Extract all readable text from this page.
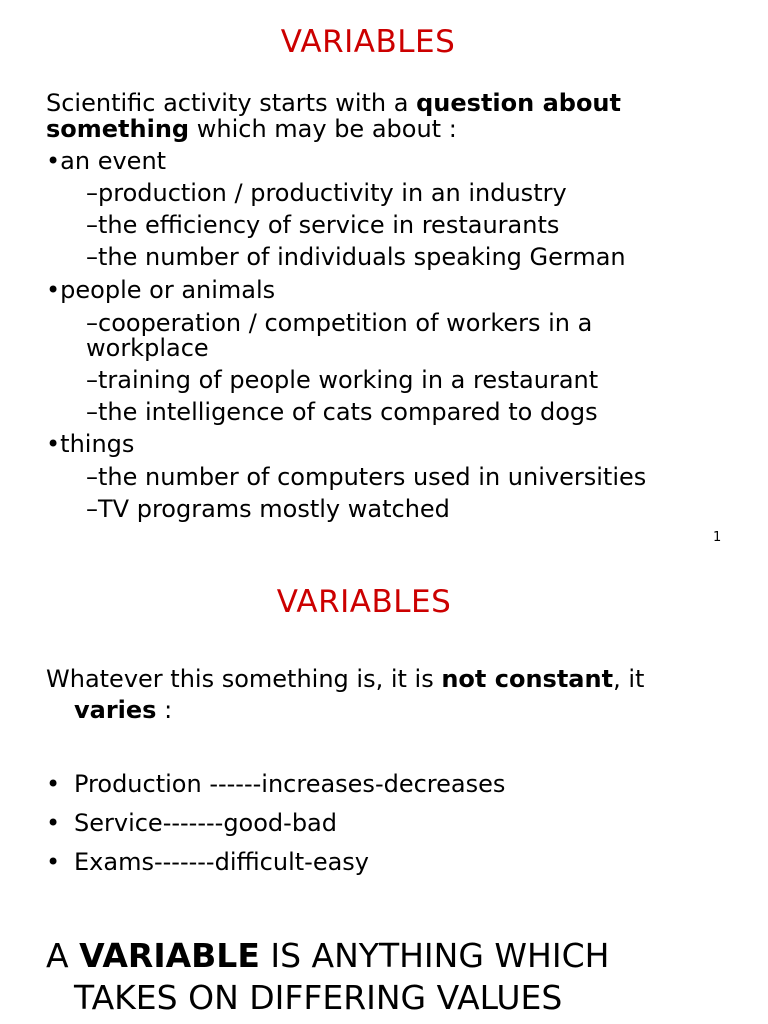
VARIABLES
Scientific activity starts with a question about
something which may be about :
•an event
–production / productivity in an industry
–the efficiency of service in restaurants
–the number of individuals speaking German
•people or animals
–cooperation / competition of workers in a
workplace
–training of people working in a restaurant
–the intelligence of cats compared to dogs
•things
–the number of computers used in universities
–TV programs mostly watched
1
VARIABLES
Whatever this something is, it is not constant, it
varies :
• Production ------increases-decreases
• Service-------good-bad
• Exams-------difficult-easy
A VARIABLE IS ANYTHING WHICH
TAKES ON DIFFERING VALUES
